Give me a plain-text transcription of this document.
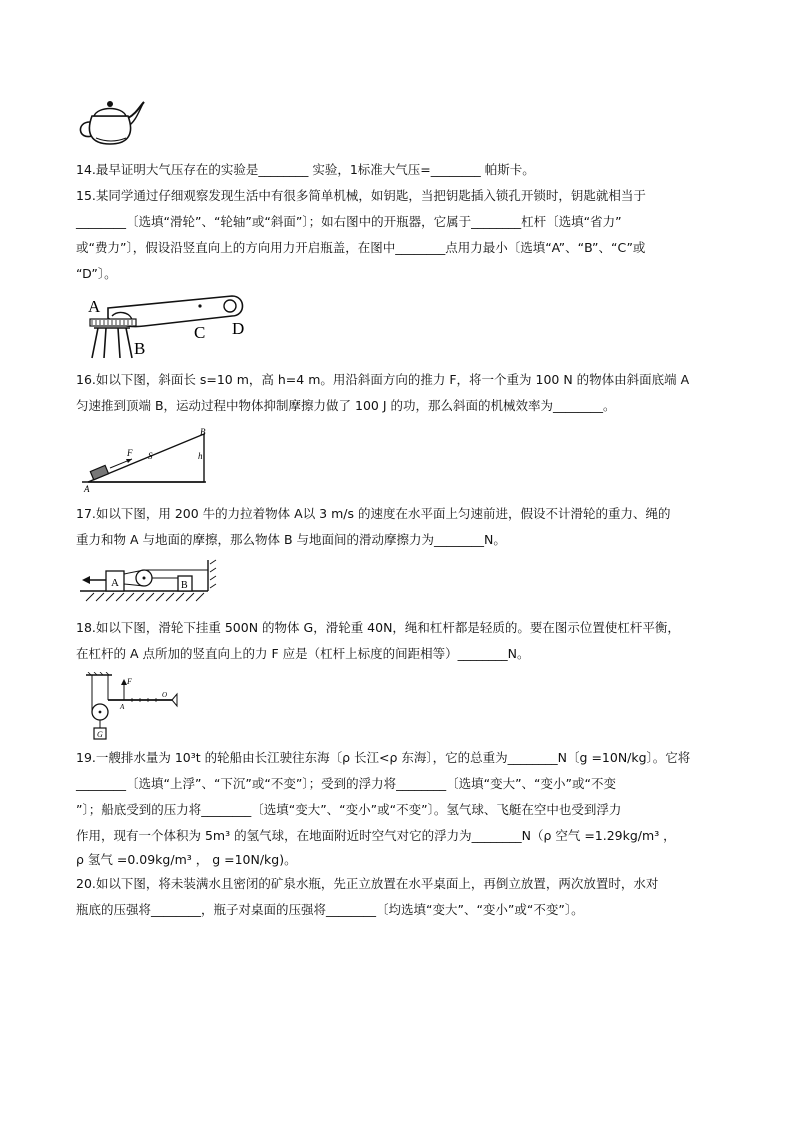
14.最早证明大气压存在的实验是________ 实验，1标准大气压=________ 帕斯卡。
15.某同学通过仔细观察发现生活中有很多简单机械，如钥匙，当把钥匙插入锁孔开锁时，钥匙就相当于
________〔选填“滑轮”、“轮轴”或“斜面”〕；如右图中的开瓶器，它属于________杠杆〔选填“省力”
或“费力”〕，假设沿竖直向上的方向用力开启瓶盖，在图中________点用力最小〔选填“A”、“B”、“C”或
“D”〕。
A
B
C D
16.如以下图，斜面长 s=10 m，高 h=4 m。用沿斜面方向的推力 F，将一个重为 100 N 的物体由斜面底端 A
匀速推到顶端 B，运动过程中物体抑制摩擦力做了 100 J 的功，那么斜面的机械效率为________。
A
B
F S	h
17.如以下图，用 200 牛的力拉着物体 A以 3 m/s 的速度在水平面上匀速前进，假设不计滑轮的重力、绳的
重力和物 A 与地面的摩擦，那么物体 B 与地面间的滑动摩擦力为________N。
A	B
18.如以下图，滑轮下挂重 500N 的物体 G，滑轮重 40N，绳和杠杆都是轻质的。要在图示位置使杠杆平衡，
在杠杆的 A 点所加的竖直向上的力 F 应是（杠杆上标度的间距相等）________N。
G
F
A
O
19.一艘排水量为 10³t 的轮船由长江驶往东海〔ρ 长江<ρ 东海〕，它的总重为________N〔g =10N/kg〕。它将
________〔选填“上浮”、“下沉”或“不变”〕；受到的浮力将________〔选填“变大”、“变小”或“不变
”〕；船底受到的压力将________〔选填“变大”、“变小”或“不变”〕。氢气球、飞艇在空中也受到浮力
作用，现有一个体积为 5m³ 的氢气球，在地面附近时空气对它的浮力为________N（ρ 空气 =1.29kg/m³ ，
ρ 氢气 =0.09kg/m³ ， g =10N/kg)。
20.如以下图，将未装满水且密闭的矿泉水瓶，先正立放置在水平桌面上，再倒立放置，两次放置时，水对
瓶底的压强将________，瓶子对桌面的压强将________〔均选填“变大”、“变小”或“不变”〕。
